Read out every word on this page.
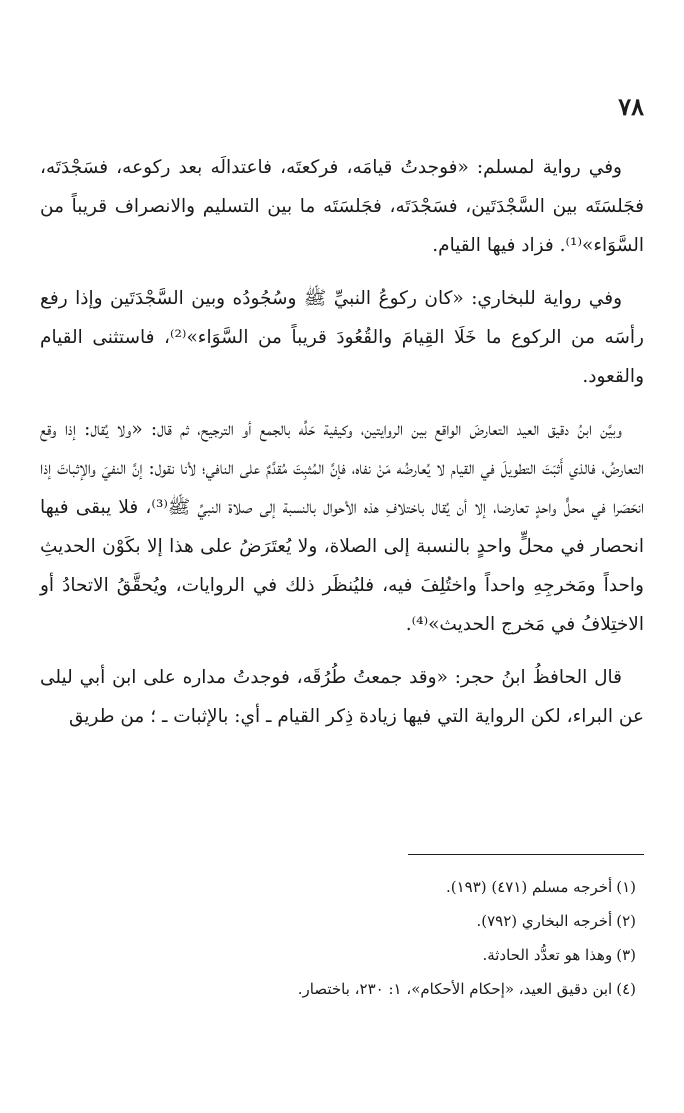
٧٨

وفي رواية لمسلم: «فوجدتُ قيامَه، فركعتَه، فاعتدالَه بعد ركوعه، فسَجْدَتَه، فجَلسَتَه بين السَّجْدَتَين، فسَجْدَتَه، فجَلسَتَه ما بين التسليم والانصراف قريباً من السَّوَاء»⁽¹⁾. فزاد فيها القيام.

وفي رواية للبخاري: «كان ركوعُ النبيِّ ﷺ وسُجُودُه وبين السَّجْدَتَين وإذا رفع رأسَه من الركوع ما خَلَا القِيامَ والقُعُودَ قريباً من السَّوَاء»⁽²⁾، فاستثنى القيام والقعود.

وبيَّن ابنُ دقيق العيد التعارضَ الواقع بين الروايتين، وكيفية حَلِّه بالجمع أو الترجيح، ثم قال: «ولا يُقال: إذا وقع التعارضُ، فالذي أَثبَتَ التطويلَ في القيام لا يُعارضُه مَنْ نفاه، فإنَّ المُثبِتَ مُقدَّمٌ على النافي؛ لأنا نقول: إنَّ النفيَ والإثباتَ إذا انحَصَرا في محلٍّ واحدٍ تعارضا، إلا أن يُقال باختلافِ هذه الأحوال بالنسبة إلى صلاة النبيِّ ﷺ⁽³⁾، فلا يبقى فيها انحصار في محلٍّ واحدٍ بالنسبة إلى الصلاة، ولا يُعتَرَضُ على هذا إلا بكَوْن الحديثِ واحداً ومَخرجِهِ واحداً واختُلِفَ فيه، فليُنظَر ذلك في الروايات، ويُحقَّقُ الاتحادُ أو الاختِلافُ في مَخرج الحديث»⁽⁴⁾.

قال الحافظُ ابنُ حجر: «وقد جمعتُ طُرُقَه، فوجدتُ مداره على ابن أبي ليلى عن البراء، لكن الرواية التي فيها زيادة ذِكر القيام ـ أي: بالإثبات ـ ؛ من طريق

(١)أخرجه مسلم (٤٧١) (١٩٣).
(٢)أخرجه البخاري (٧٩٢).
(٣)وهذا هو تعدُّد الحادثة.
(٤)ابن دقيق العيد، «إحكام الأحكام»، ١: ٢٣٠، باختصار.
